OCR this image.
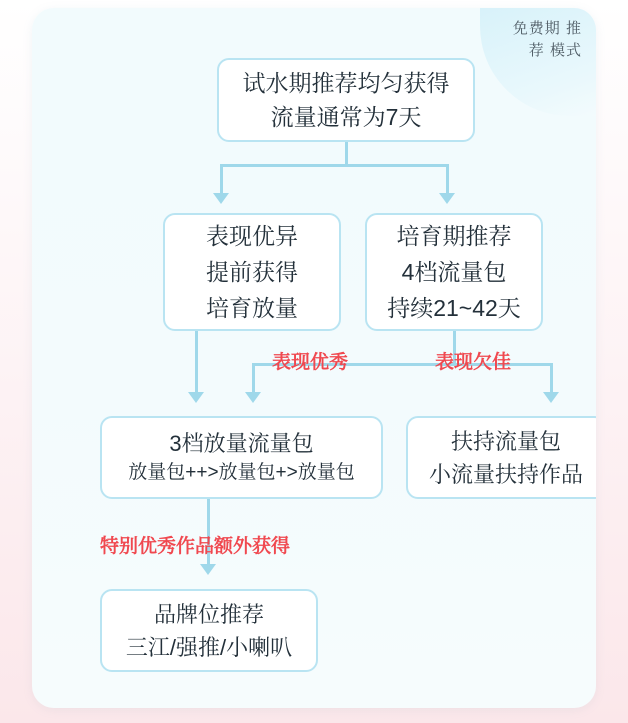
免费期 推荐 模式
试水期推荐均匀获得
流量通常为7天
表现优异
提前获得
培育放量
培育期推荐
4档流量包
持续21~42天
表现优秀	表现欠佳
3档放量流量包
放量包++>放量包+>放量包
扶持流量包
小流量扶持作品
特别优秀作品额外获得
品牌位推荐
三江/强推/小喇叭
